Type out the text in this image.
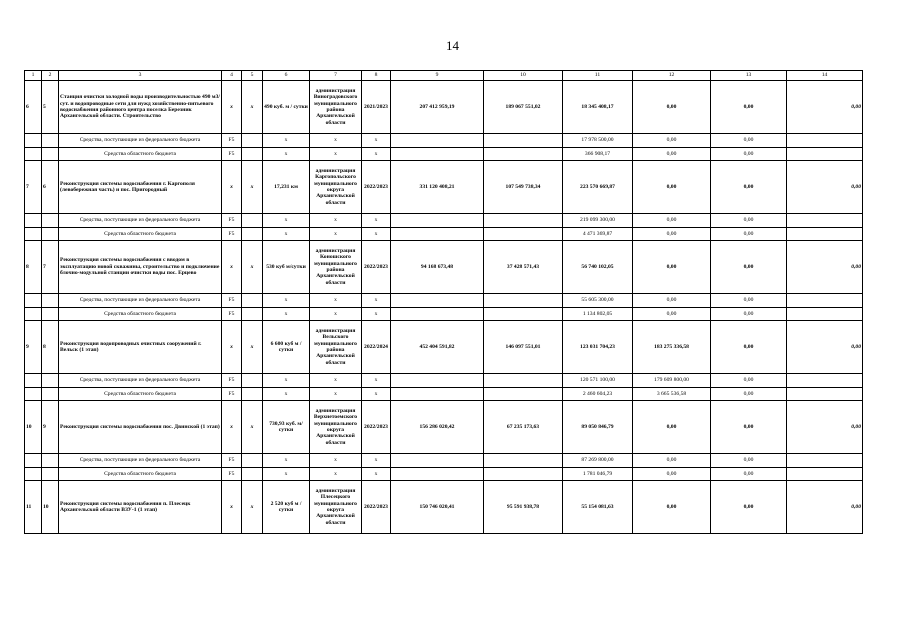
14
1	2	3	4	5	6	7	8	9	10	11	12	13	14
6	5	Станция очистки холодной воды производительностью 490 м3/сут. и водопроводные сети для нужд хозяйственно-питьевого водоснабжения районного центра поселка Березник Архангельской области. Строительство	х	х	490 куб. м / сутки	администрация Виноградовского муниципального района Архангельской области	2021/2023	207 412 959,19	189 067 551,02	18 345 408,17	0,00	0,00	0,00
		Средства, поступающие из федерального бюджета	F5		х	х	х			17 978 500,00	0,00	0,00	
		Средства областного бюджета	F5		х	х	х			366 908,17	0,00	0,00	
7	6	Реконструкция системы водоснабжения г. Каргополя (левобережная часть) и пос. Пригородный	х	х	17,231 км	администрация Каргопольского муниципального округа Архангельской области	2022/2023	331 120 408,21	107 549 738,34	223 570 669,87	0,00	0,00	0,00
		Средства, поступающие из федерального бюджета	F5		х	х	х			219 099 300,00	0,00	0,00	
		Средства областного бюджета	F5		х	х	х			4 471 369,87	0,00	0,00	
8	7	Реконструкция системы водоснабжения с вводом в эксплуатацию новой скважины, строительство и подключение блочно-модульной станции очистки воды пос. Ерцево	х	х	530 куб м/сутки	администрация Коношского муниципального района Архангельской области	2022/2023	94 168 673,48	37 428 571,43	56 740 102,05	0,00	0,00	0,00
		Средства, поступающие из федерального бюджета	F5		х	х	х			55 605 300,00	0,00	0,00	
		Средства областного бюджета	F5		х	х	х			1 134 802,05	0,00	0,00	
9	8	Реконструкция водопроводных очистных сооружений г. Вельск (1 этап)	х	х	6 600 куб м / сутки	администрация Вельского муниципального района Архангельской области	2022/2024	452 404 591,82	146 097 551,01	123 031 704,23	183 275 336,58	0,00	0,00
		Средства, поступающие из федерального бюджета	F5		х	х	х			120 571 100,00	179 609 800,00	0,00	
		Средства областного бюджета	F5		х	х	х			2 460 604,23	3 665 536,58	0,00	
10	9	Реконструкция системы водоснабжения пос. Двинской (1 этап)	х	х	730,93 куб. м/сутки	администрация Верхнетоемского муниципального округа Архангельской области	2022/2023	156 286 020,42	67 235 173,63	89 050 846,79	0,00	0,00	0,00
		Средства, поступающие из федерального бюджета	F5		х	х	х			87 269 800,00	0,00	0,00	
		Средства областного бюджета	F5		х	х	х			1 781 046,79	0,00	0,00	
11	10	Реконструкция системы водоснабжения п. Плесецк Архангельской области ВЗУ-1 (1 этап)	х	х	2 520 куб м / сутки	администрация Плесецкого муниципального округа Архангельской области	2022/2023	150 746 020,41	95 591 938,78	55 154 081,63	0,00	0,00	0,00
